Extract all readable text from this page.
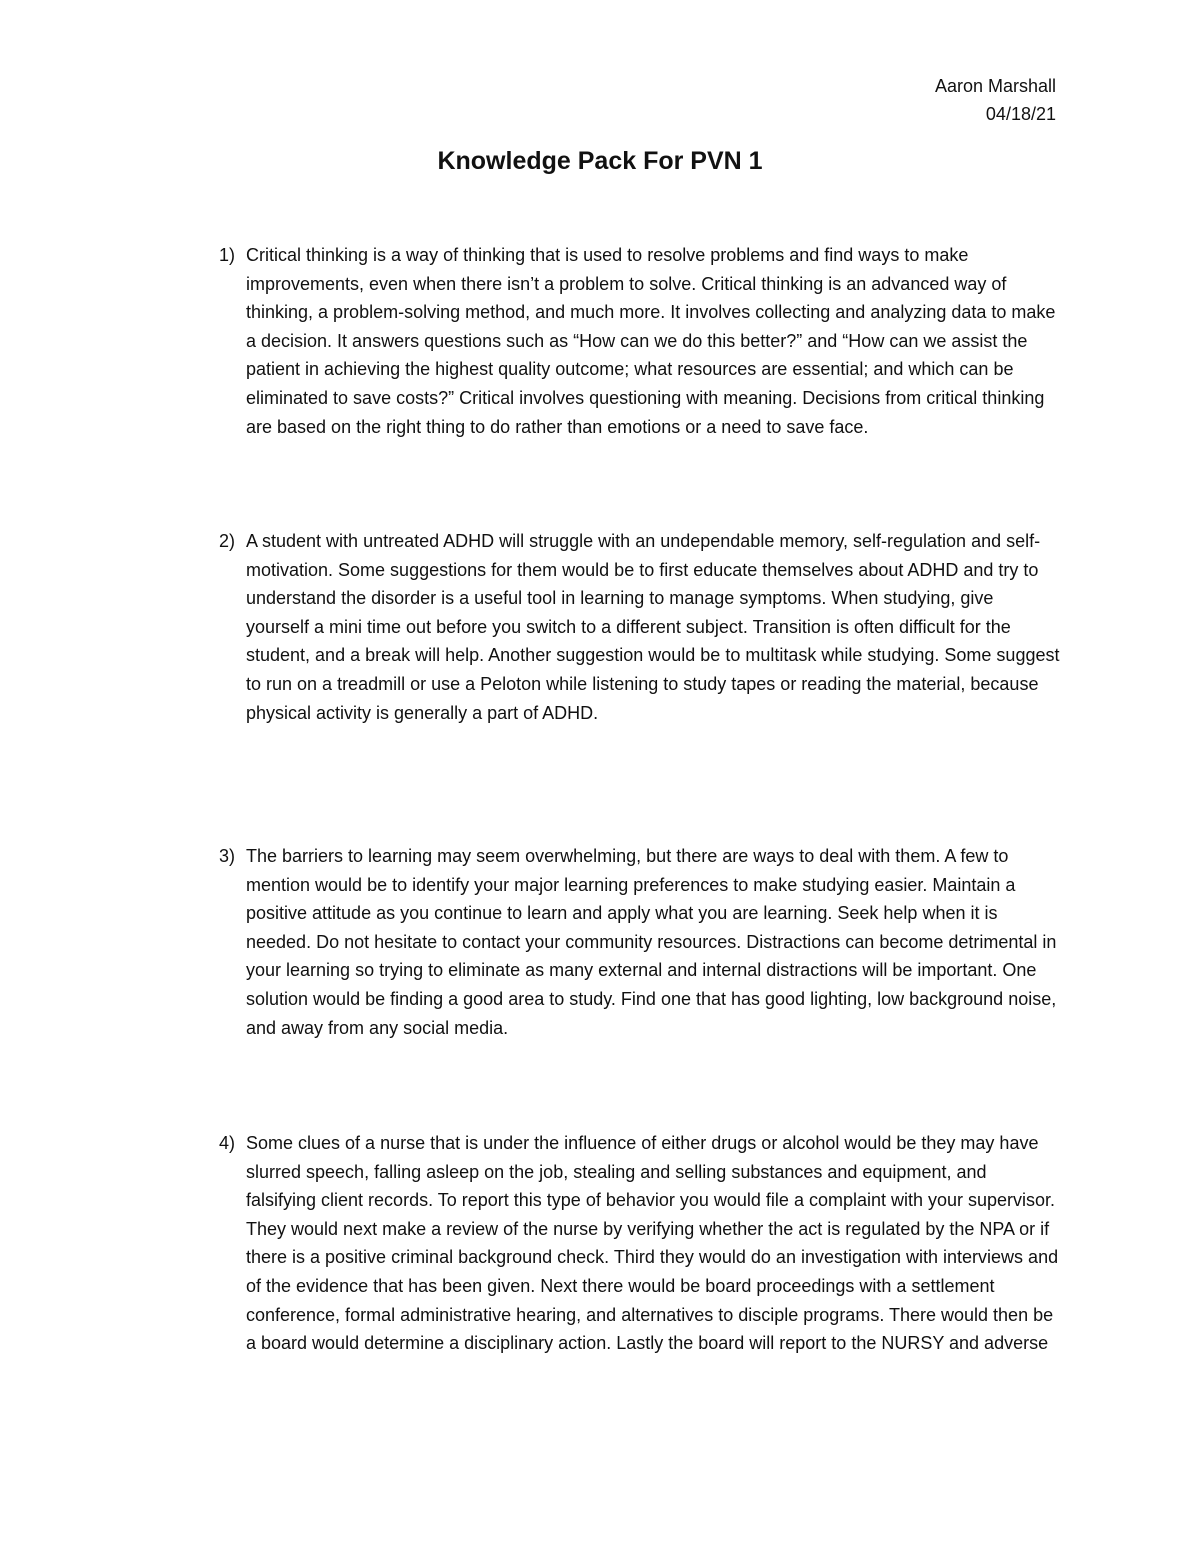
Aaron Marshall
04/18/21
Knowledge Pack For PVN 1
1) Critical thinking is a way of thinking that is used to resolve problems and find ways to make improvements, even when there isn’t a problem to solve. Critical thinking is an advanced way of thinking, a problem-solving method, and much more. It involves collecting and analyzing data to make a decision. It answers questions such as “How can we do this better?” and “How can we assist the patient in achieving the highest quality outcome; what resources are essential; and which can be eliminated to save costs?” Critical involves questioning with meaning. Decisions from critical thinking are based on the right thing to do rather than emotions or a need to save face.

2) A student with untreated ADHD will struggle with an undependable memory, self-regulation and self-motivation. Some suggestions for them would be to first educate themselves about ADHD and try to understand the disorder is a useful tool in learning to manage symptoms. When studying, give yourself a mini time out before you switch to a different subject. Transition is often difficult for the student, and a break will help. Another suggestion would be to multitask while studying. Some suggest to run on a treadmill or use a Peloton while listening to study tapes or reading the material, because physical activity is generally a part of ADHD.

3) The barriers to learning may seem overwhelming, but there are ways to deal with them. A few to mention would be to identify your major learning preferences to make studying easier. Maintain a positive attitude as you continue to learn and apply what you are learning. Seek help when it is needed. Do not hesitate to contact your community resources. Distractions can become detrimental in your learning so trying to eliminate as many external and internal distractions will be important. One solution would be finding a good area to study. Find one that has good lighting, low background noise, and away from any social media.

4) Some clues of a nurse that is under the influence of either drugs or alcohol would be they may have slurred speech, falling asleep on the job, stealing and selling substances and equipment, and falsifying client records. To report this type of behavior you would file a complaint with your supervisor. They would next make a review of the nurse by verifying whether the act is regulated by the NPA or if there is a positive criminal background check. Third they would do an investigation with interviews and of the evidence that has been given. Next there would be board proceedings with a settlement conference, formal administrative hearing, and alternatives to disciple programs. There would then be a board would determine a disciplinary action. Lastly the board will report to the NURSY and adverse
